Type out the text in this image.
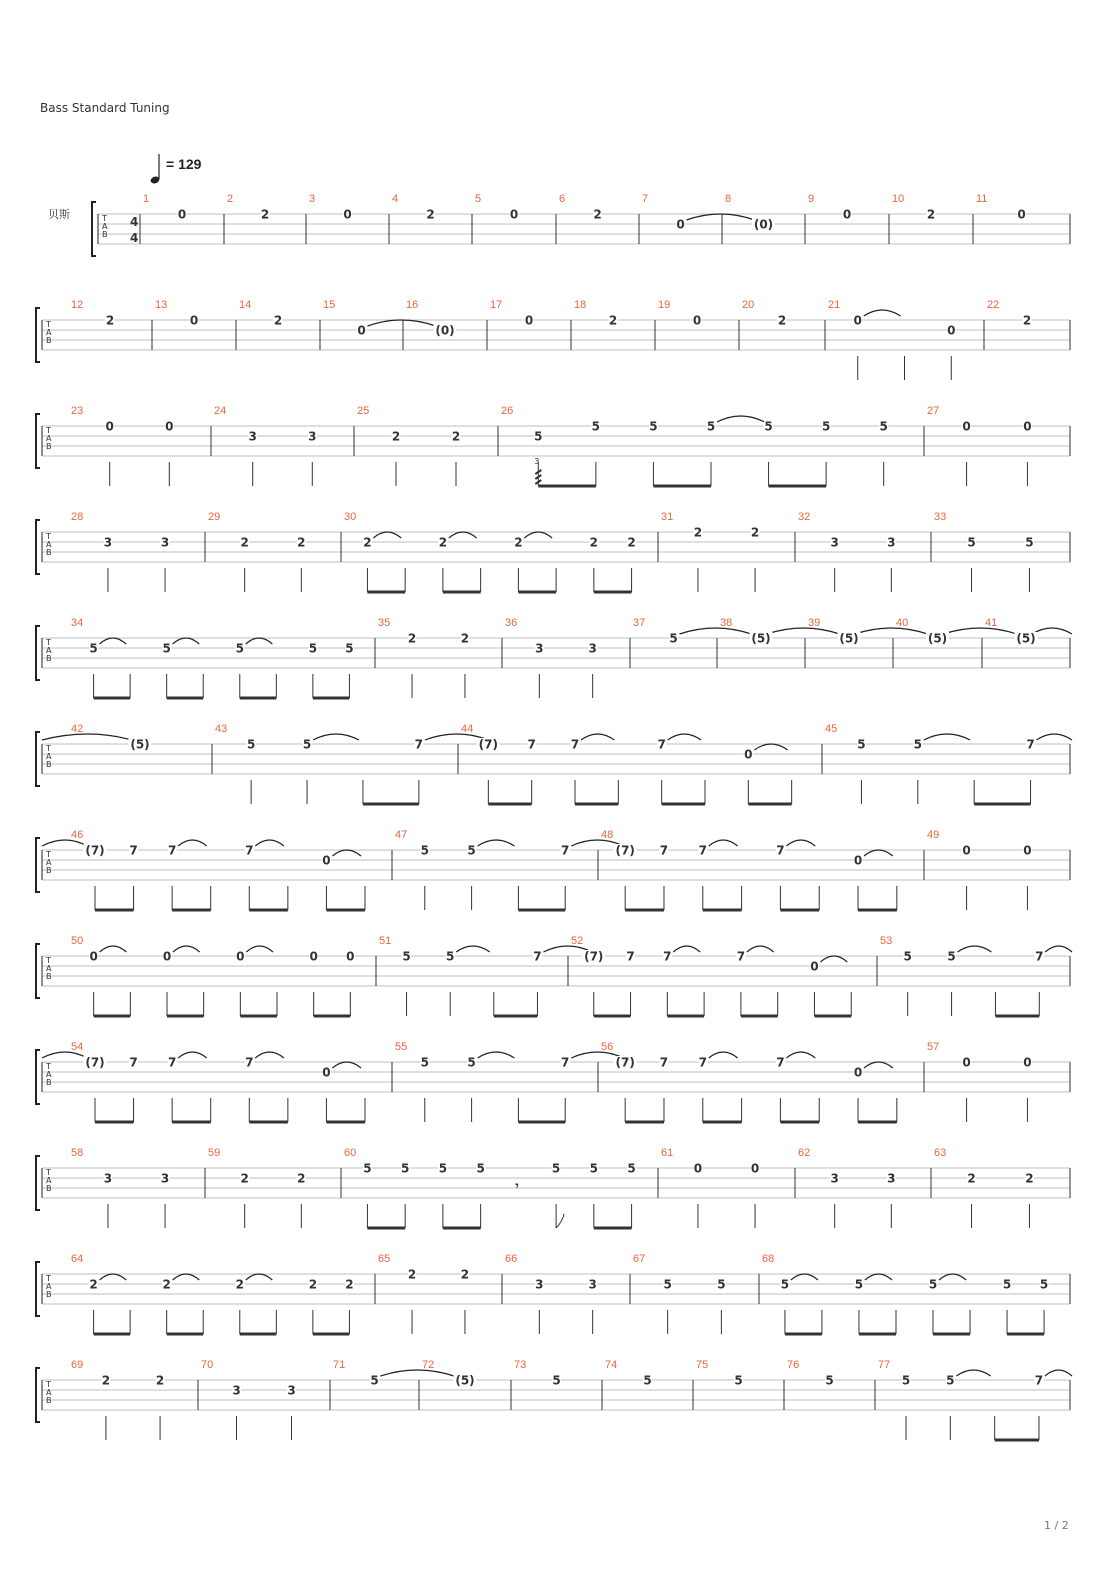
Bass Standard Tuning
= 129
贝斯	T
A
B
4
4
1
0
2
2
3
0
4
2
5
0
6
2
7
0
8
(0)
9
0
10
2
11
0
T
A
B
12
2
13
0
14
2
15
0
16
(0)
17
0
18
2
19
0
20
2
21
0
0
22
2
T
A
B
23
0	0
24
3	3
25
2	2
26
5
5	5	5	5	5	5
3
27
0	0
T
A
B
28
3	3
29
2	2
30
2	2	2	2 2
31
2	2
32
3	3
33
5	5
T
A
B
34
5	5	5	5 5
35
2	2
36
3	3
37
5
38
(5)
39
(5)
40
(5)
41
(5)
T
A
B
42
(5)
43
5	5	7
44
(7) 7	7	7
0
45
5	5	7
T
A
B
46
(7) 7	7	7
0
47
5	5	7
48
(7) 7	7	7
0
49
0	0
T
A
B
50
0	0	0	0 0
51
5	5	7
52
(7) 7 7	7
0
53
5	5	7
T
A
B
54
(7) 7	7	7
0
55
5	5	7
56
(7) 7	7	7
0
57
0	0
T
A
B
58
3	3
59
2	2
60
5 5 5 5
𝄾
5 5 5
61
0	0
62
3	3
63
2	2
T
A
B
64
2	2	2	2 2
65
2	2
66
3	3
67
5	5
68
5	5	5	5 5
T
A
B
69
2	2
70
3	3
71
5
72
(5)
73
5
74
5
75
5
76
5
77
5	5	7
1 / 2
